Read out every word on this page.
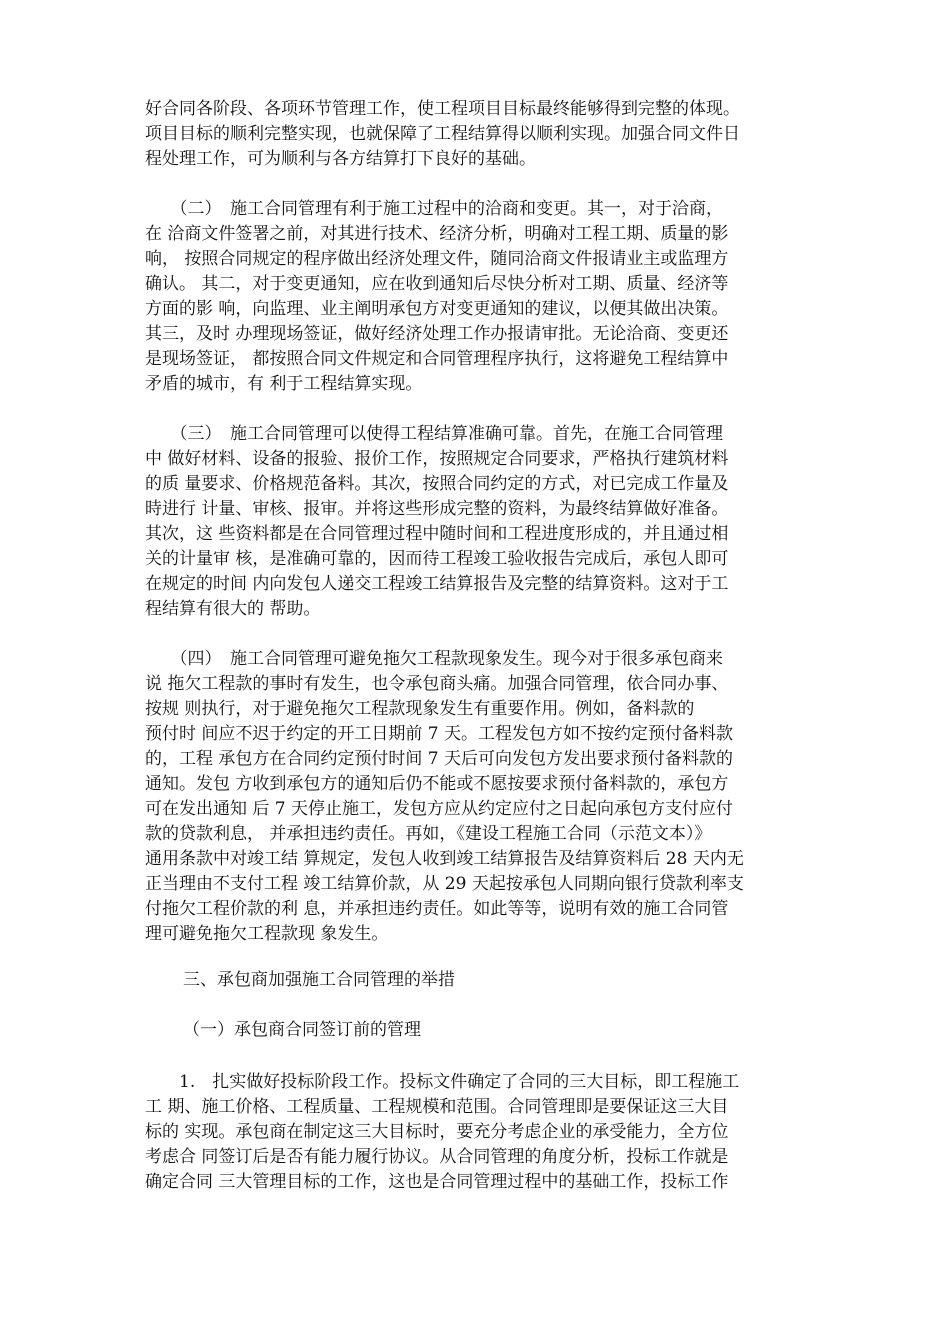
好合同各阶段、各项环节管理工作，使工程项目目标最终能够得到完整的体现。
项目目标的顺利完整实现，也就保障了工程结算得以顺利实现。加强合同文件日
程处理工作，可为顺利与各方结算打下良好的基础。
　　（二）　施工合同管理有利于施工过程中的洽商和变更。其一，对于洽商，
在 洽商文件签署之前，对其进行技术、经济分析，明确对工程工期、质量的影
响， 按照合同规定的程序做出经济处理文件，随同洽商文件报请业主或监理方
确认。 其二，对于变更通知，应在收到通知后尽快分析对工期、质量、经济等
方面的影 响，向监理、业主阐明承包方对变更通知的建议，以便其做出决策。
其三，及时 办理现场签证，做好经济处理工作办报请审批。无论洽商、变更还
是现场签证， 都按照合同文件规定和合同管理程序执行，这将避免工程结算中
矛盾的城市，有 利于工程结算实现。
　　（三）　施工合同管理可以使得工程结算准确可靠。首先，在施工合同管理
中 做好材料、设备的报验、报价工作，按照规定合同要求，严格执行建筑材料
的质 量要求、价格规范备料。其次，按照合同约定的方式，对已完成工作量及
時进行 计量、审核、报审。并将这些形成完整的资料，为最终结算做好准备。
其次，这 些资料都是在合同管理过程中随时间和工程进度形成的，并且通过相
关的计量审 核，是准确可靠的，因而待工程竣工验收报告完成后，承包人即可
在规定的时间 内向发包人递交工程竣工结算报告及完整的结算资料。这对于工
程结算有很大的 帮助。
　　（四）　施工合同管理可避免拖欠工程款现象发生。现今对于很多承包商来
说 拖欠工程款的事时有发生，也令承包商头痛。加强合同管理，依合同办事、
按规 则执行，对于避免拖欠工程款现象发生有重要作用。例如，备料款的
预付时 间应不迟于约定的开工日期前 7 天。工程发包方如不按约定预付备料款
的，工程 承包方在合同约定预付时间 7 天后可向发包方发出要求预付备料款的
通知。发包 方收到承包方的通知后仍不能或不愿按要求预付备料款的，承包方
可在发出通知 后 7 天停止施工，发包方应从约定应付之日起向承包方支付应付
款的贷款利息， 并承担违约责任。再如，《建设工程施工合同（示范文本）》
通用条款中对竣工结 算规定，发包人收到竣工结算报告及结算资料后 28 天内无
正当理由不支付工程 竣工结算价款，从 29 天起按承包人同期向银行贷款利率支
付拖欠工程价款的利 息，并承担违约责任。如此等等，说明有效的施工合同管
理可避免拖欠工程款现 象发生。
三、承包商加强施工合同管理的举措
（一）承包商合同签订前的管理
　　1.　扎实做好投标阶段工作。投标文件确定了合同的三大目标，即工程施工
工 期、施工价格、工程质量、工程规模和范围。合同管理即是要保证这三大目
标的 实现。承包商在制定这三大目标时，要充分考虑企业的承受能力，全方位
考虑合 同签订后是否有能力履行协议。从合同管理的角度分析，投标工作就是
确定合同 三大管理目标的工作，这也是合同管理过程中的基础工作，投标工作
